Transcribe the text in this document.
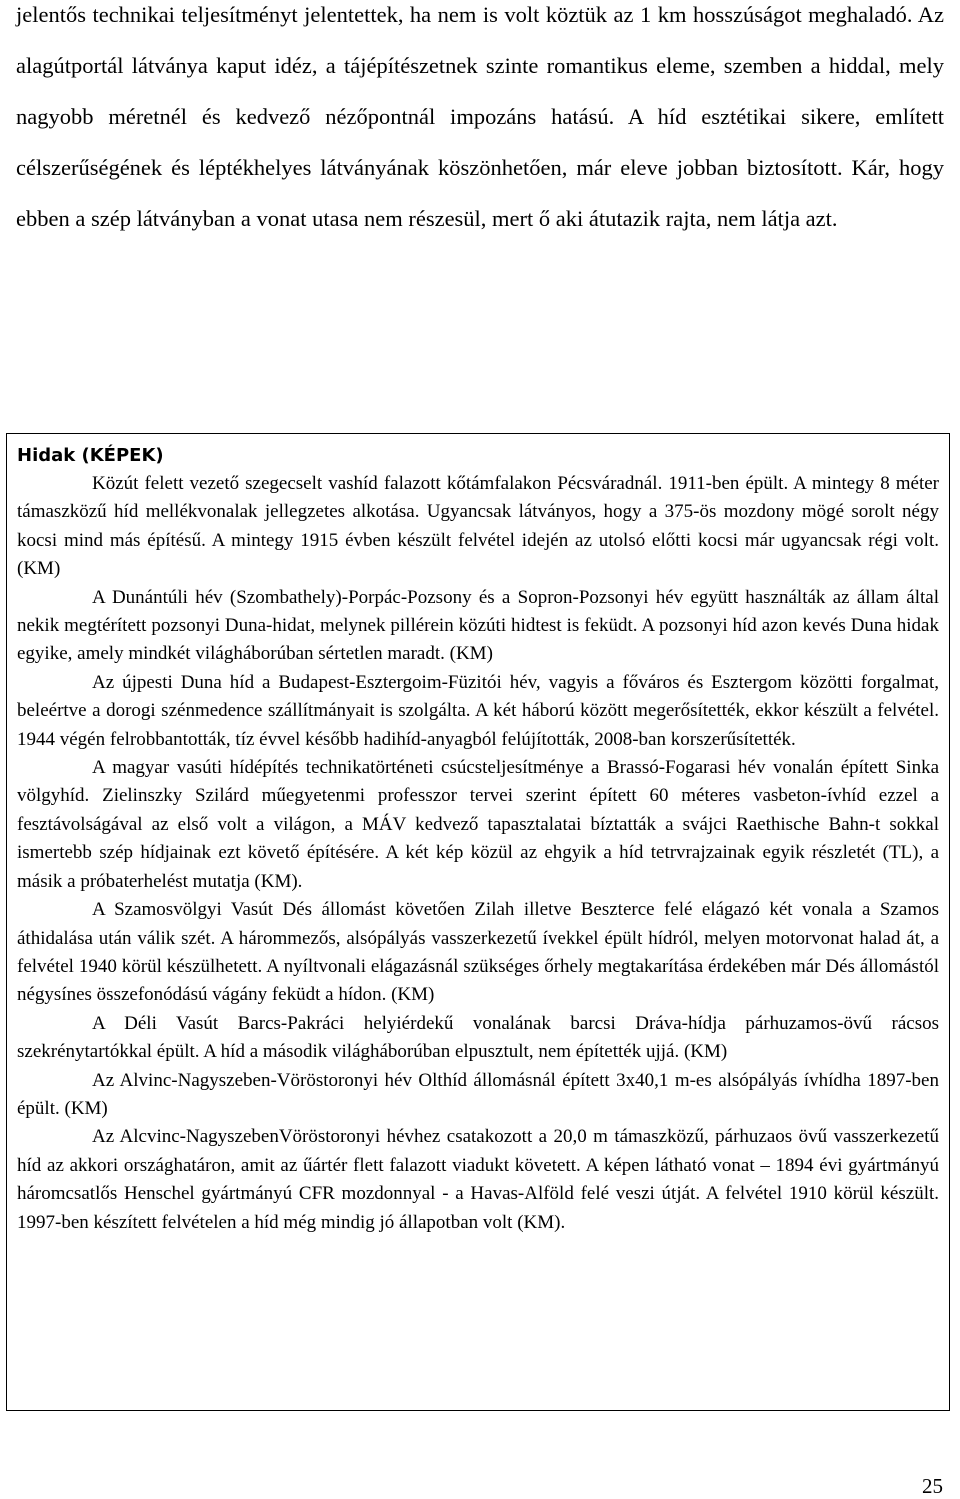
jelentős technikai teljesítményt jelentettek, ha nem is volt köztük az 1 km hosszúságot meghaladó. Az alagútportál látványa kaput idéz, a tájépítészetnek szinte romantikus eleme, szemben a hiddal, mely nagyobb méretnél és kedvező nézőpontnál impozáns hatású. A híd esztétikai sikere, említett célszerűségének és léptékhelyes látványának köszönhetően, már eleve jobban biztosított. Kár, hogy ebben a szép látványban a vonat utasa nem részesül, mert ő aki átutazik rajta, nem látja azt.

Hidak (KÉPEK)

Közút felett vezető szegecselt vashíd falazott kőtámfalakon Pécsváradnál. 1911-ben épült. A mintegy 8 méter támaszközű híd mellékvonalak jellegzetes alkotása. Ugyancsak látványos, hogy a 375-ös mozdony mögé sorolt négy kocsi mind más építésű. A mintegy 1915 évben készült felvétel idején az utolsó előtti kocsi már ugyancsak régi volt. (KM)

A Dunántúli hév (Szombathely)-Porpác-Pozsony és a Sopron-Pozsonyi hév együtt használták az állam által nekik megtérített pozsonyi Duna-hidat, melynek pillérein közúti hidtest is feküdt. A pozsonyi híd azon kevés Duna hidak egyike, amely mindkét világháborúban sértetlen maradt. (KM)

Az újpesti Duna híd a Budapest-Esztergoim-Füzitói hév, vagyis a főváros és Esztergom közötti forgalmat, beleértve a dorogi szénmedence szállítmányait is szolgálta. A két háború között megerősítették, ekkor készült a felvétel. 1944 végén felrobbantották, tíz évvel később hadihíd-anyagból felújították, 2008-ban korszerűsítették.

A magyar vasúti hídépítés technikatörténeti csúcsteljesítménye a Brassó-Fogarasi hév vonalán épített Sinka völgyhíd. Zielinszky Szilárd műegyetenmi professzor tervei szerint épített 60 méteres vasbeton-ívhíd ezzel a fesztávolságával az első volt a világon, a MÁV kedvező tapasztalatai bíztatták a svájci Raethische Bahn-t sokkal ismertebb szép hídjainak ezt követő építésére. A két kép közül az ehgyik a híd tetrvrajzainak egyik részletét (TL), a másik a próbaterhelést mutatja (KM).

A Szamosvölgyi Vasút Dés állomást követően Zilah illetve Beszterce felé elágazó két vonala a Szamos áthidalása után válik szét. A hárommezős, alsópályás vasszerkezetű ívekkel épült hídról, melyen motorvonat halad át, a felvétel 1940 körül készülhetett. A nyíltvonali elágazásnál szükséges őrhely megtakarítása érdekében már Dés állomástól négysínes összefonódású vágány feküdt a hídon. (KM)

A Déli Vasút Barcs-Pakráci helyiérdekű vonalának barcsi Dráva-hídja párhuzamos-övű rácsos szekrénytartókkal épült. A híd a második világháborúban elpusztult, nem építették ujjá. (KM)

Az Alvinc-Nagyszeben-Vöröstoronyi hév Olthíd állomásnál épített 3x40,1 m-es alsópályás ívhídha 1897-ben épült. (KM)

Az Alcvinc-NagyszebenVöröstoronyi hévhez csatakozott a 20,0 m támaszközű, párhuzaos övű vasszerkezetű híd az akkori országhatáron, amit az űártér flett falazott viadukt követett. A képen látható vonat – 1894 évi gyártmányú háromcsatlős Henschel gyártmányú CFR mozdonnyal - a Havas-Alföld felé veszi útját. A felvétel 1910 körül készült. 1997-ben készített felvételen a híd még mindig jó állapotban volt (KM).

25
